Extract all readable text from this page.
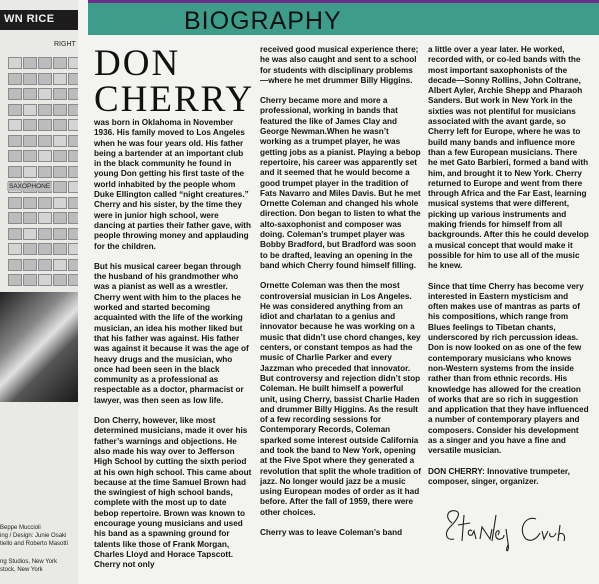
WN RICE
RIGHT
SAXOPHONE
Beppe Muccioli
ing / Design: Junie Osaki
tiello and Roberto Masotti
ng Studios, New York
stock, New York
BIOGRAPHY
DON
CHERRY

was born in Oklahoma in November 1936. His family moved to Los Angeles when he was four years old. His father being a bartender at an important club in the black community he found in young Don getting his first taste of the world inhabited by the people whom Duke Ellington called “night creatures.” Cherry and his sister, by the time they were in junior high school, were dancing at parties their father gave, with people throwing money and applauding for the children.

But his musical career began through the husband of his grandmother who was a pianist as well as a wrestler. Cherry went with him to the places he worked and started becoming acquainted with the life of the working musician, an idea his mother liked but that his father was against. His father was against it because it was the age of heavy drugs and the musician, who once had been seen in the black community as a professional as respectable as a doctor, pharmacist or lawyer, was then seen as low life.

Don Cherry, however, like most determined musicians, made it over his father’s warnings and objections. He also made his way over to Jefferson High School by cutting the sixth period at his own high school. This came about because at the time Samuel Brown had the swingiest of high school bands, complete with the most up to date bebop repertoire. Brown was known to encourage young musicians and used his band as a spawning ground for talents like those of Frank Morgan, Charles Lloyd and Horace Tapscott. Cherry not only

received good musical experience there; he was also caught and sent to a school for students with disciplinary problems—where he met drummer Billy Higgins.

Cherry became more and more a professional, working in bands that featured the like of James Clay and George Newman.When he wasn’t working as a trumpet player, he was getting jobs as a pianist. Playing a bebop repertoire, his career was apparently set and it seemed that he would become a good trumpet player in the tradition of Fats Navarro and Miles Davis. But he met Ornette Coleman and changed his whole direction. Don began to listen to what the alto-saxophonist and composer was doing. Coleman’s trumpet player was Bobby Bradford, but Bradford was soon to be drafted, leaving an opening in the band which Cherry found himself filling.

Ornette Coleman was then the most controversial musician in Los Angeles. He was considered anything from an idiot and charlatan to a genius and innovator because he was working on a music that didn’t use chord changes, key centers, or constant tempos as had the music of Charlie Parker and every Jazzman who preceded that innovator. But controversy and rejection didn’t stop Coleman. He built himself a powerful unit, using Cherry, bassist Charlie Haden and drummer Billy Higgins. As the result of a few recording sessions for Contemporary Records, Coleman sparked some interest outside California and took the band to New York, opening at the Five Spot where they generated a revolution that split the whole tradition of jazz. No longer would jazz be a music using European modes of order as it had before. After the fall of 1959, there were other choices.

Cherry was to leave Coleman’s band

a little over a year later. He worked, recorded with, or co-led bands with the most important saxophonists of the decade—Sonny Rollins, John Coltrane, Albert Ayler, Archie Shepp and Pharaoh Sanders. But work in New York in the sixties was not plentiful for musicians associated with the avant garde, so Cherry left for Europe, where he was to build many bands and influence more than a few European musicians. There he met Gato Barbieri, formed a band with him, and brought it to New York. Cherry returned to Europe and went from there through Africa and the Far East, learning musical systems that were different, picking up various instruments and making friends for himself from all backgrounds. After this he could develop a musical concept that would make it possible for him to use all of the music he knew.

Since that time Cherry has become very interested in Eastern mysticism and often makes use of mantras as parts of his compositions, which range from Blues feelings to Tibetan chants, underscored by rich percussion ideas. Don is now looked on as one of the few contemporary musicians who knows non-Western systems from the inside rather than from ethnic records. His knowledge has allowed for the creation of works that are so rich in suggestion and application that they have influenced a number of contemporary players and composers. Consider his development as a singer and you have a fine and versatile musician.

DON CHERRY: Innovative trumpeter, composer, singer, organizer.
